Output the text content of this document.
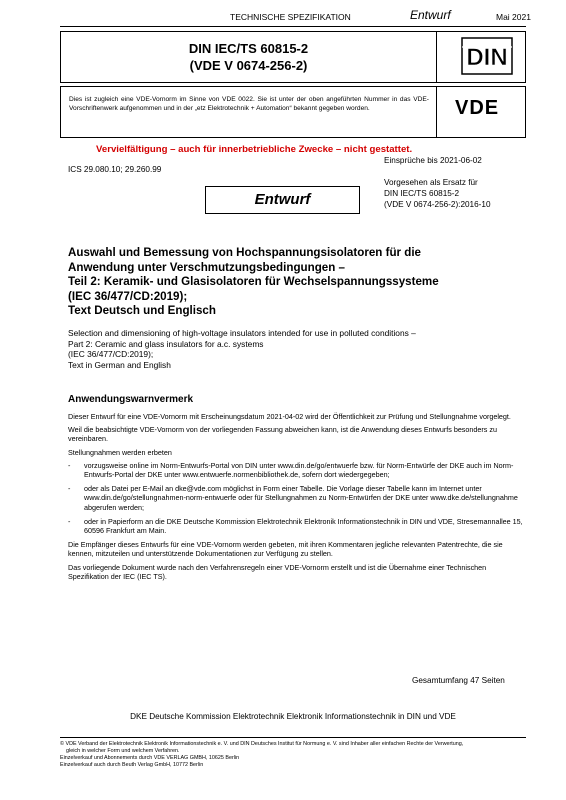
TECHNISCHE SPEZIFIKATION	Entwurf	Mai 2021
DIN IEC/TS 60815-2
(VDE V 0674-256-2)	DIN
Dies ist zugleich eine VDE-Vornorm im Sinne von VDE 0022. Sie ist unter der oben angeführten Nummer in das VDE-Vorschriftenwerk aufgenommen und in der „etz Elektrotechnik + Automation“ bekannt gegeben worden.	VDE
Vervielfältigung – auch für innerbetriebliche Zwecke – nicht gestattet.
ICS 29.080.10; 29.260.99
Einsprüche bis 2021-06-02
Vorgesehen als Ersatz für
DIN IEC/TS 60815-2
(VDE V 0674-256-2):2016-10
Entwurf
Auswahl und Bemessung von Hochspannungsisolatoren für die
Anwendung unter Verschmutzungsbedingungen –
Teil 2: Keramik- und Glasisolatoren für Wechselspannungssysteme
(IEC 36/477/CD:2019);
Text Deutsch und Englisch
Selection and dimensioning of high-voltage insulators intended for use in polluted conditions –
Part 2: Ceramic and glass insulators for a.c. systems
(IEC 36/477/CD:2019);
Text in German and English
Anwendungswarnvermerk
Dieser Entwurf für eine VDE-Vornorm mit Erscheinungsdatum 2021-04-02 wird der Öffentlichkeit zur Prüfung und Stellungnahme vorgelegt.
Weil die beabsichtigte VDE-Vornorm von der vorliegenden Fassung abweichen kann, ist die Anwendung dieses Entwurfs besonders zu vereinbaren.
Stellungnahmen werden erbeten
- vorzugsweise online im Norm-Entwurfs-Portal von DIN unter www.din.de/go/entwuerfe bzw. für Norm-Entwürfe der DKE auch im Norm-Entwurfs-Portal der DKE unter www.entwuerfe.normenbibliothek.de, sofern dort wiedergegeben;
- oder als Datei per E-Mail an dke@vde.com möglichst in Form einer Tabelle. Die Vorlage dieser Tabelle kann im Internet unter www.din.de/go/stellungnahmen-norm-entwuerfe oder für Stellungnahmen zu Norm-Entwürfen der DKE unter www.dke.de/stellungnahme abgerufen werden;
- oder in Papierform an die DKE Deutsche Kommission Elektrotechnik Elektronik Informationstechnik in DIN und VDE, Stresemannallee 15, 60596 Frankfurt am Main.
Die Empfänger dieses Entwurfs für eine VDE-Vornorm werden gebeten, mit ihren Kommentaren jegliche relevanten Patentrechte, die sie kennen, mitzuteilen und unterstützende Dokumentationen zur Verfügung zu stellen.
Das vorliegende Dokument wurde nach den Verfahrensregeln einer VDE-Vornorm erstellt und ist die Übernahme einer Technischen Spezifikation der IEC (IEC TS).
Gesamtumfang 47 Seiten
DKE Deutsche Kommission Elektrotechnik Elektronik Informationstechnik in DIN und VDE
© VDE Verband der Elektrotechnik Elektronik Informationstechnik e. V. und DIN Deutsches Institut für Normung e. V. sind Inhaber aller einfachen Rechte der Verwertung,
gleich in welcher Form und welchem Verfahren.
Einzelverkauf und Abonnements durch VDE VERLAG GMBH, 10625 Berlin
Einzelverkauf auch durch Beuth Verlag GmbH, 10772 Berlin
